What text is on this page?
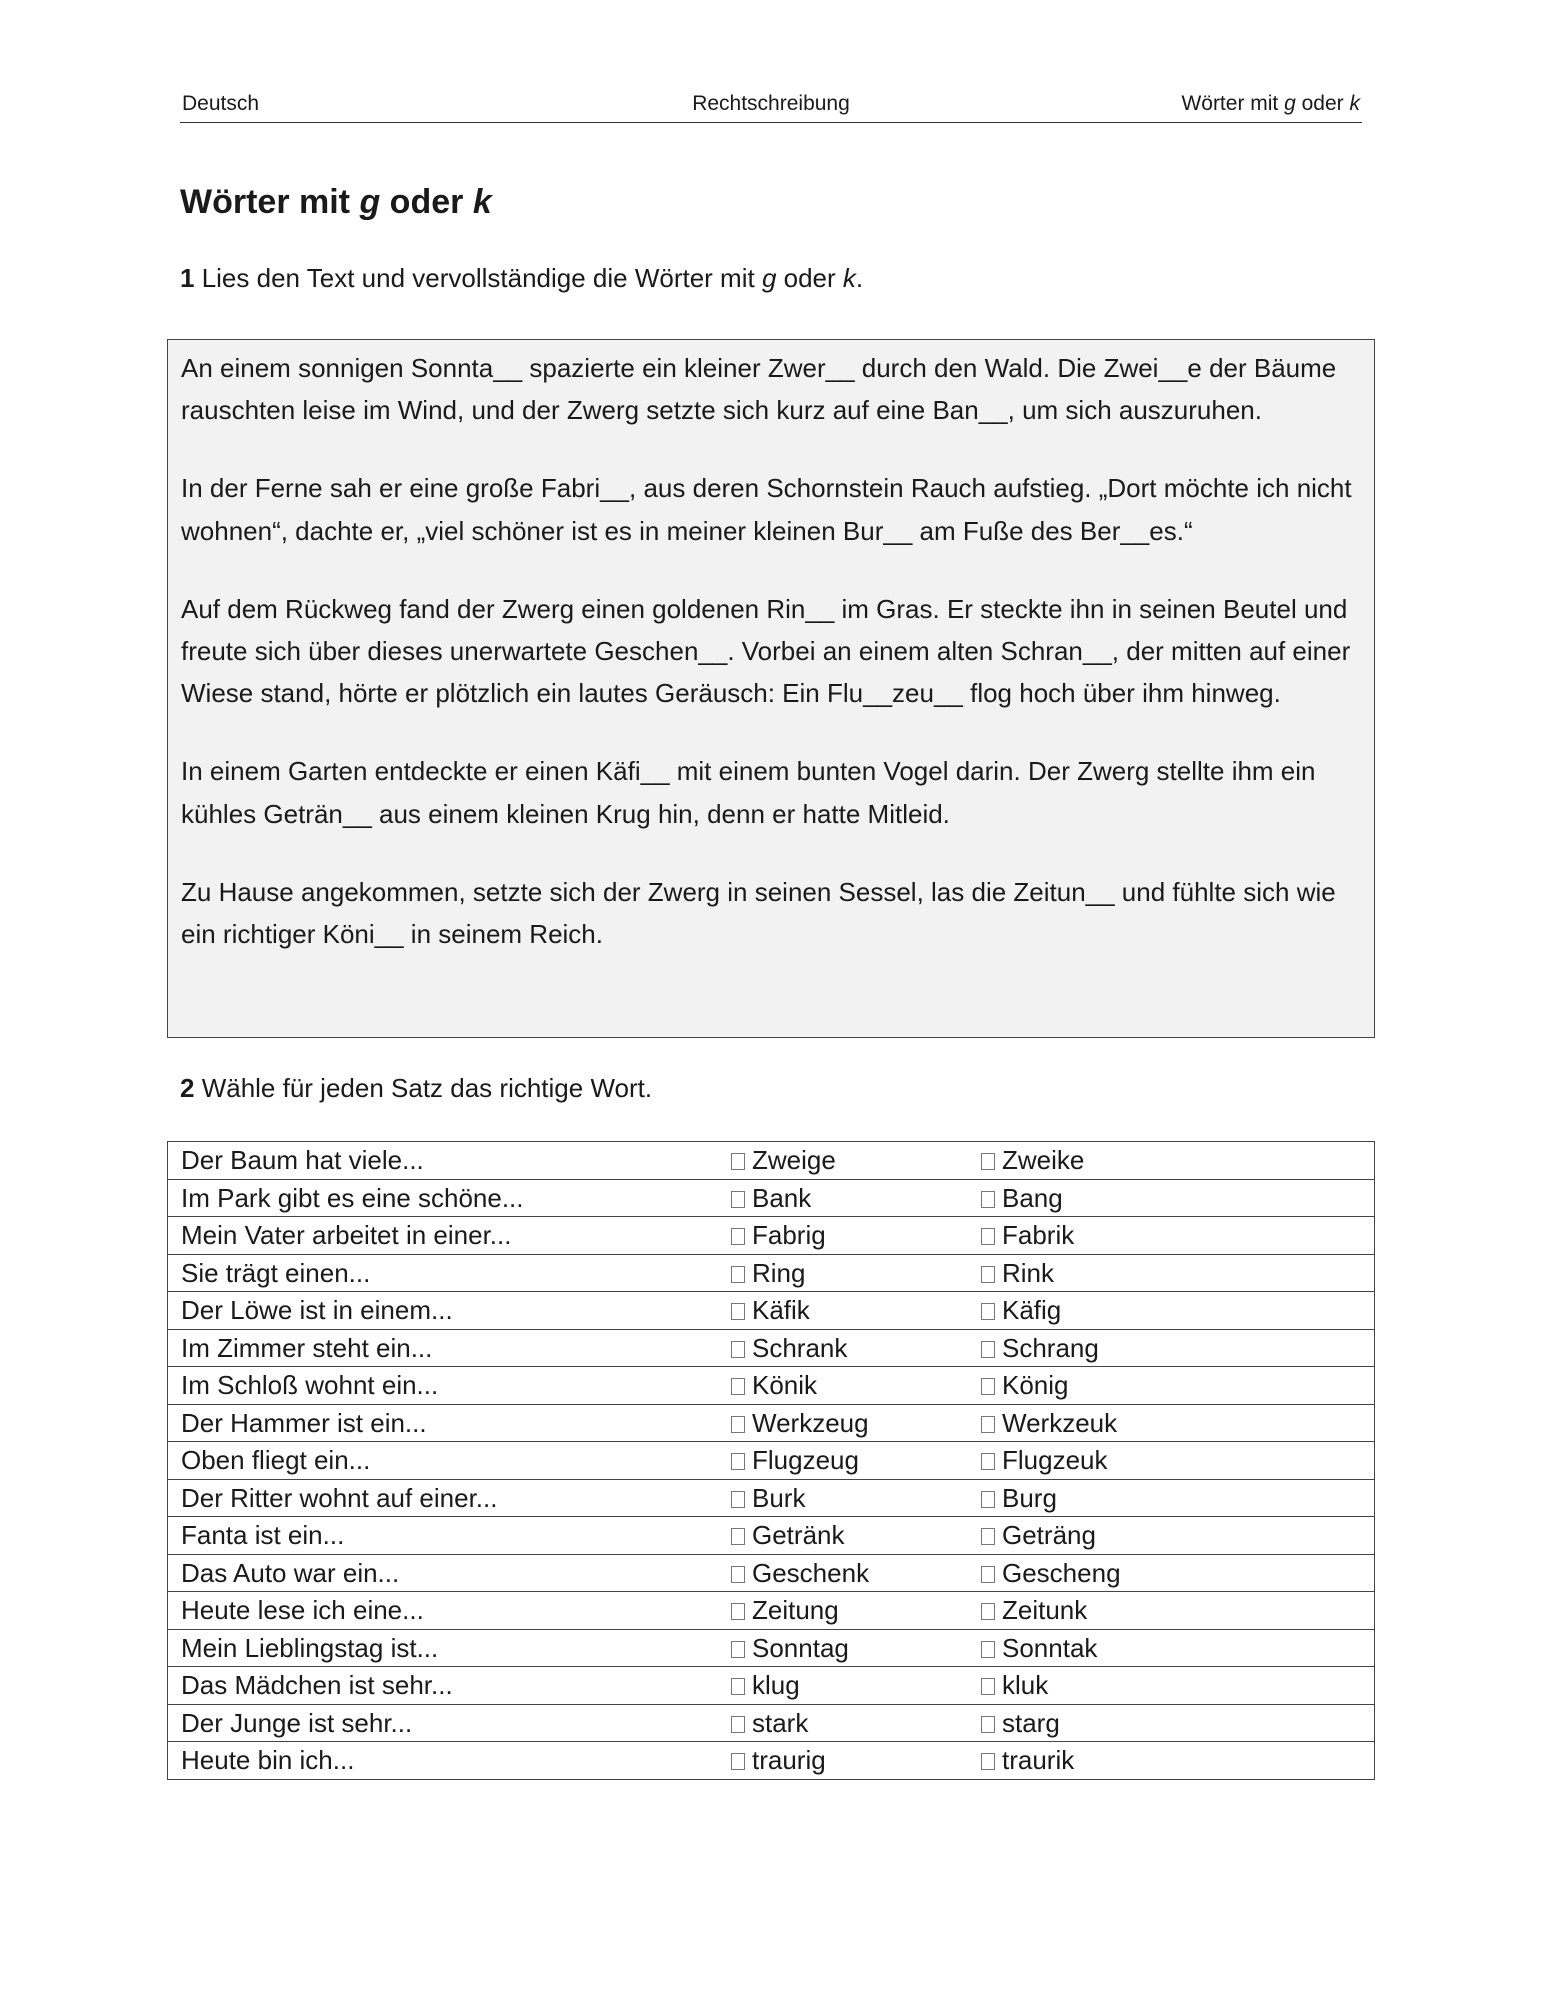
Deutsch	Rechtschreibung	Wörter mit g oder k
Wörter mit g oder k

1 Lies den Text und vervollständige die Wörter mit g oder k.

An einem sonnigen Sonnta__ spazierte ein kleiner Zwer__ durch den Wald. Die Zwei__e der Bäume rauschten leise im Wind, und der Zwerg setzte sich kurz auf eine Ban__, um sich auszuruhen.

In der Ferne sah er eine große Fabri__, aus deren Schornstein Rauch aufstieg. „Dort möchte ich nicht wohnen“, dachte er, „viel schöner ist es in meiner kleinen Bur__ am Fuße des Ber__es.“

Auf dem Rückweg fand der Zwerg einen goldenen Rin__ im Gras. Er steckte ihn in seinen Beutel und freute sich über dieses unerwartete Geschen__. Vorbei an einem alten Schran__, der mitten auf einer Wiese stand, hörte er plötzlich ein lautes Geräusch: Ein Flu__zeu__ flog hoch über ihm hinweg.

In einem Garten entdeckte er einen Käfi__ mit einem bunten Vogel darin. Der Zwerg stellte ihm ein kühles Geträn__ aus einem kleinen Krug hin, denn er hatte Mitleid.

Zu Hause angekommen, setzte sich der Zwerg in seinen Sessel, las die Zeitun__ und fühlte sich wie ein richtiger Köni__ in seinem Reich.

2 Wähle für jeden Satz das richtige Wort.

Der Baum hat viele...	Zweige	Zweike
Im Park gibt es eine schöne...	Bank	Bang
Mein Vater arbeitet in einer...	Fabrig	Fabrik
Sie trägt einen...	Ring	Rink
Der Löwe ist in einem...	Käfik	Käfig
Im Zimmer steht ein...	Schrank	Schrang
Im Schloß wohnt ein...	Könik	König
Der Hammer ist ein...	Werkzeug	Werkzeuk
Oben fliegt ein...	Flugzeug	Flugzeuk
Der Ritter wohnt auf einer...	Burk	Burg
Fanta ist ein...	Getränk	Geträng
Das Auto war ein...	Geschenk	Gescheng
Heute lese ich eine...	Zeitung	Zeitunk
Mein Lieblingstag ist...	Sonntag	Sonntak
Das Mädchen ist sehr...	klug	kluk
Der Junge ist sehr...	stark	starg
Heute bin ich...	traurig	traurik
